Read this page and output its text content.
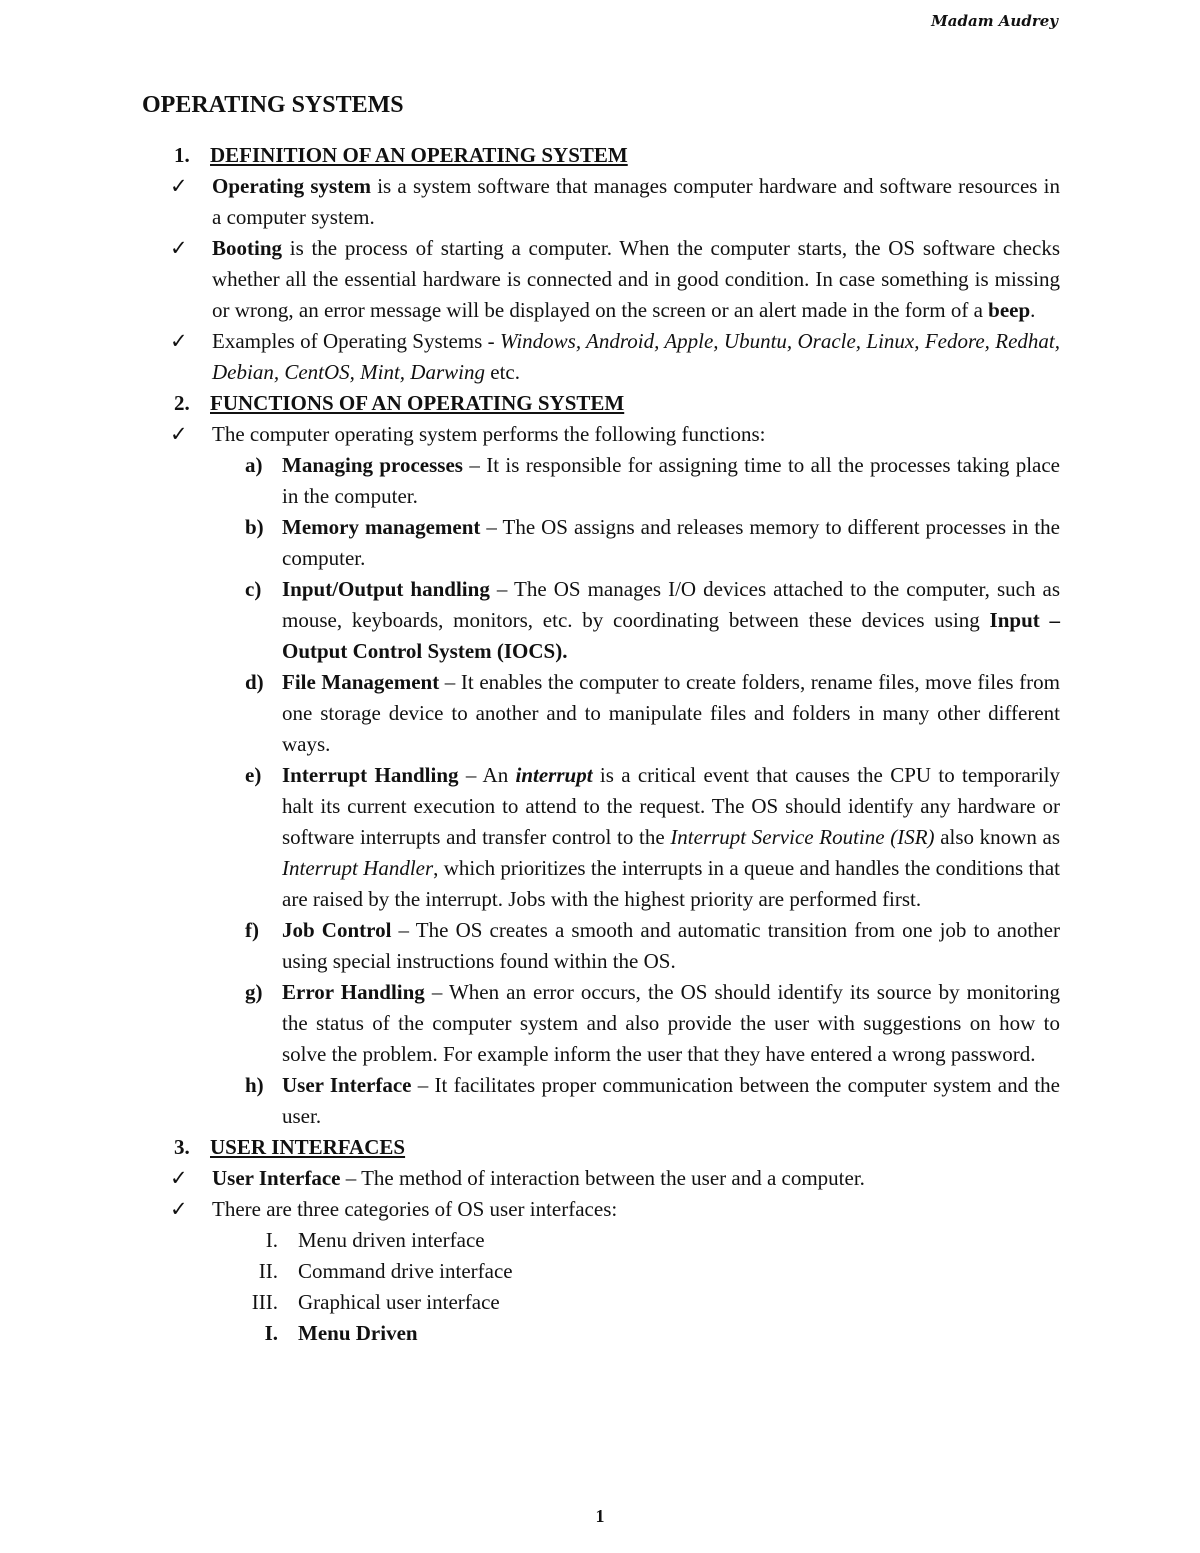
Madam Audrey
OPERATING SYSTEMS
1. DEFINITION OF AN OPERATING SYSTEM
✓	Operating system is a system software that manages computer hardware and software resources in a computer system.
✓	Booting is the process of starting a computer. When the computer starts, the OS software checks whether all the essential hardware is connected and in good condition. In case something is missing or wrong, an error message will be displayed on the screen or an alert made in the form of a beep.
✓	Examples of Operating Systems - Windows, Android, Apple, Ubuntu, Oracle, Linux, Fedore, Redhat, Debian, CentOS, Mint, Darwing etc.
2. FUNCTIONS OF AN OPERATING SYSTEM
✓	The computer operating system performs the following functions:
a) Managing processes – It is responsible for assigning time to all the processes taking place in the computer.
b) Memory management – The OS assigns and releases memory to different processes in the computer.
c) Input/Output handling – The OS manages I/O devices attached to the computer, such as mouse, keyboards, monitors, etc. by coordinating between these devices using Input – Output Control System (IOCS).
d) File Management – It enables the computer to create folders, rename files, move files from one storage device to another and to manipulate files and folders in many other different ways.
e) Interrupt Handling – An interrupt is a critical event that causes the CPU to temporarily halt its current execution to attend to the request. The OS should identify any hardware or software interrupts and transfer control to the Interrupt Service Routine (ISR) also known as Interrupt Handler, which prioritizes the interrupts in a queue and handles the conditions that are raised by the interrupt. Jobs with the highest priority are performed first.
f)	Job Control – The OS creates a smooth and automatic transition from one job to another using special instructions found within the OS.
g) Error Handling – When an error occurs, the OS should identify its source by monitoring the status of the computer system and also provide the user with suggestions on how to solve the problem. For example inform the user that they have entered a wrong password.
h) User Interface – It facilitates proper communication between the computer system and the user.
3. USER INTERFACES
✓	User Interface – The method of interaction between the user and a computer.
✓	There are three categories of OS user interfaces:
I. Menu driven interface
II. Command drive interface
III. Graphical user interface
I. Menu Driven
1
